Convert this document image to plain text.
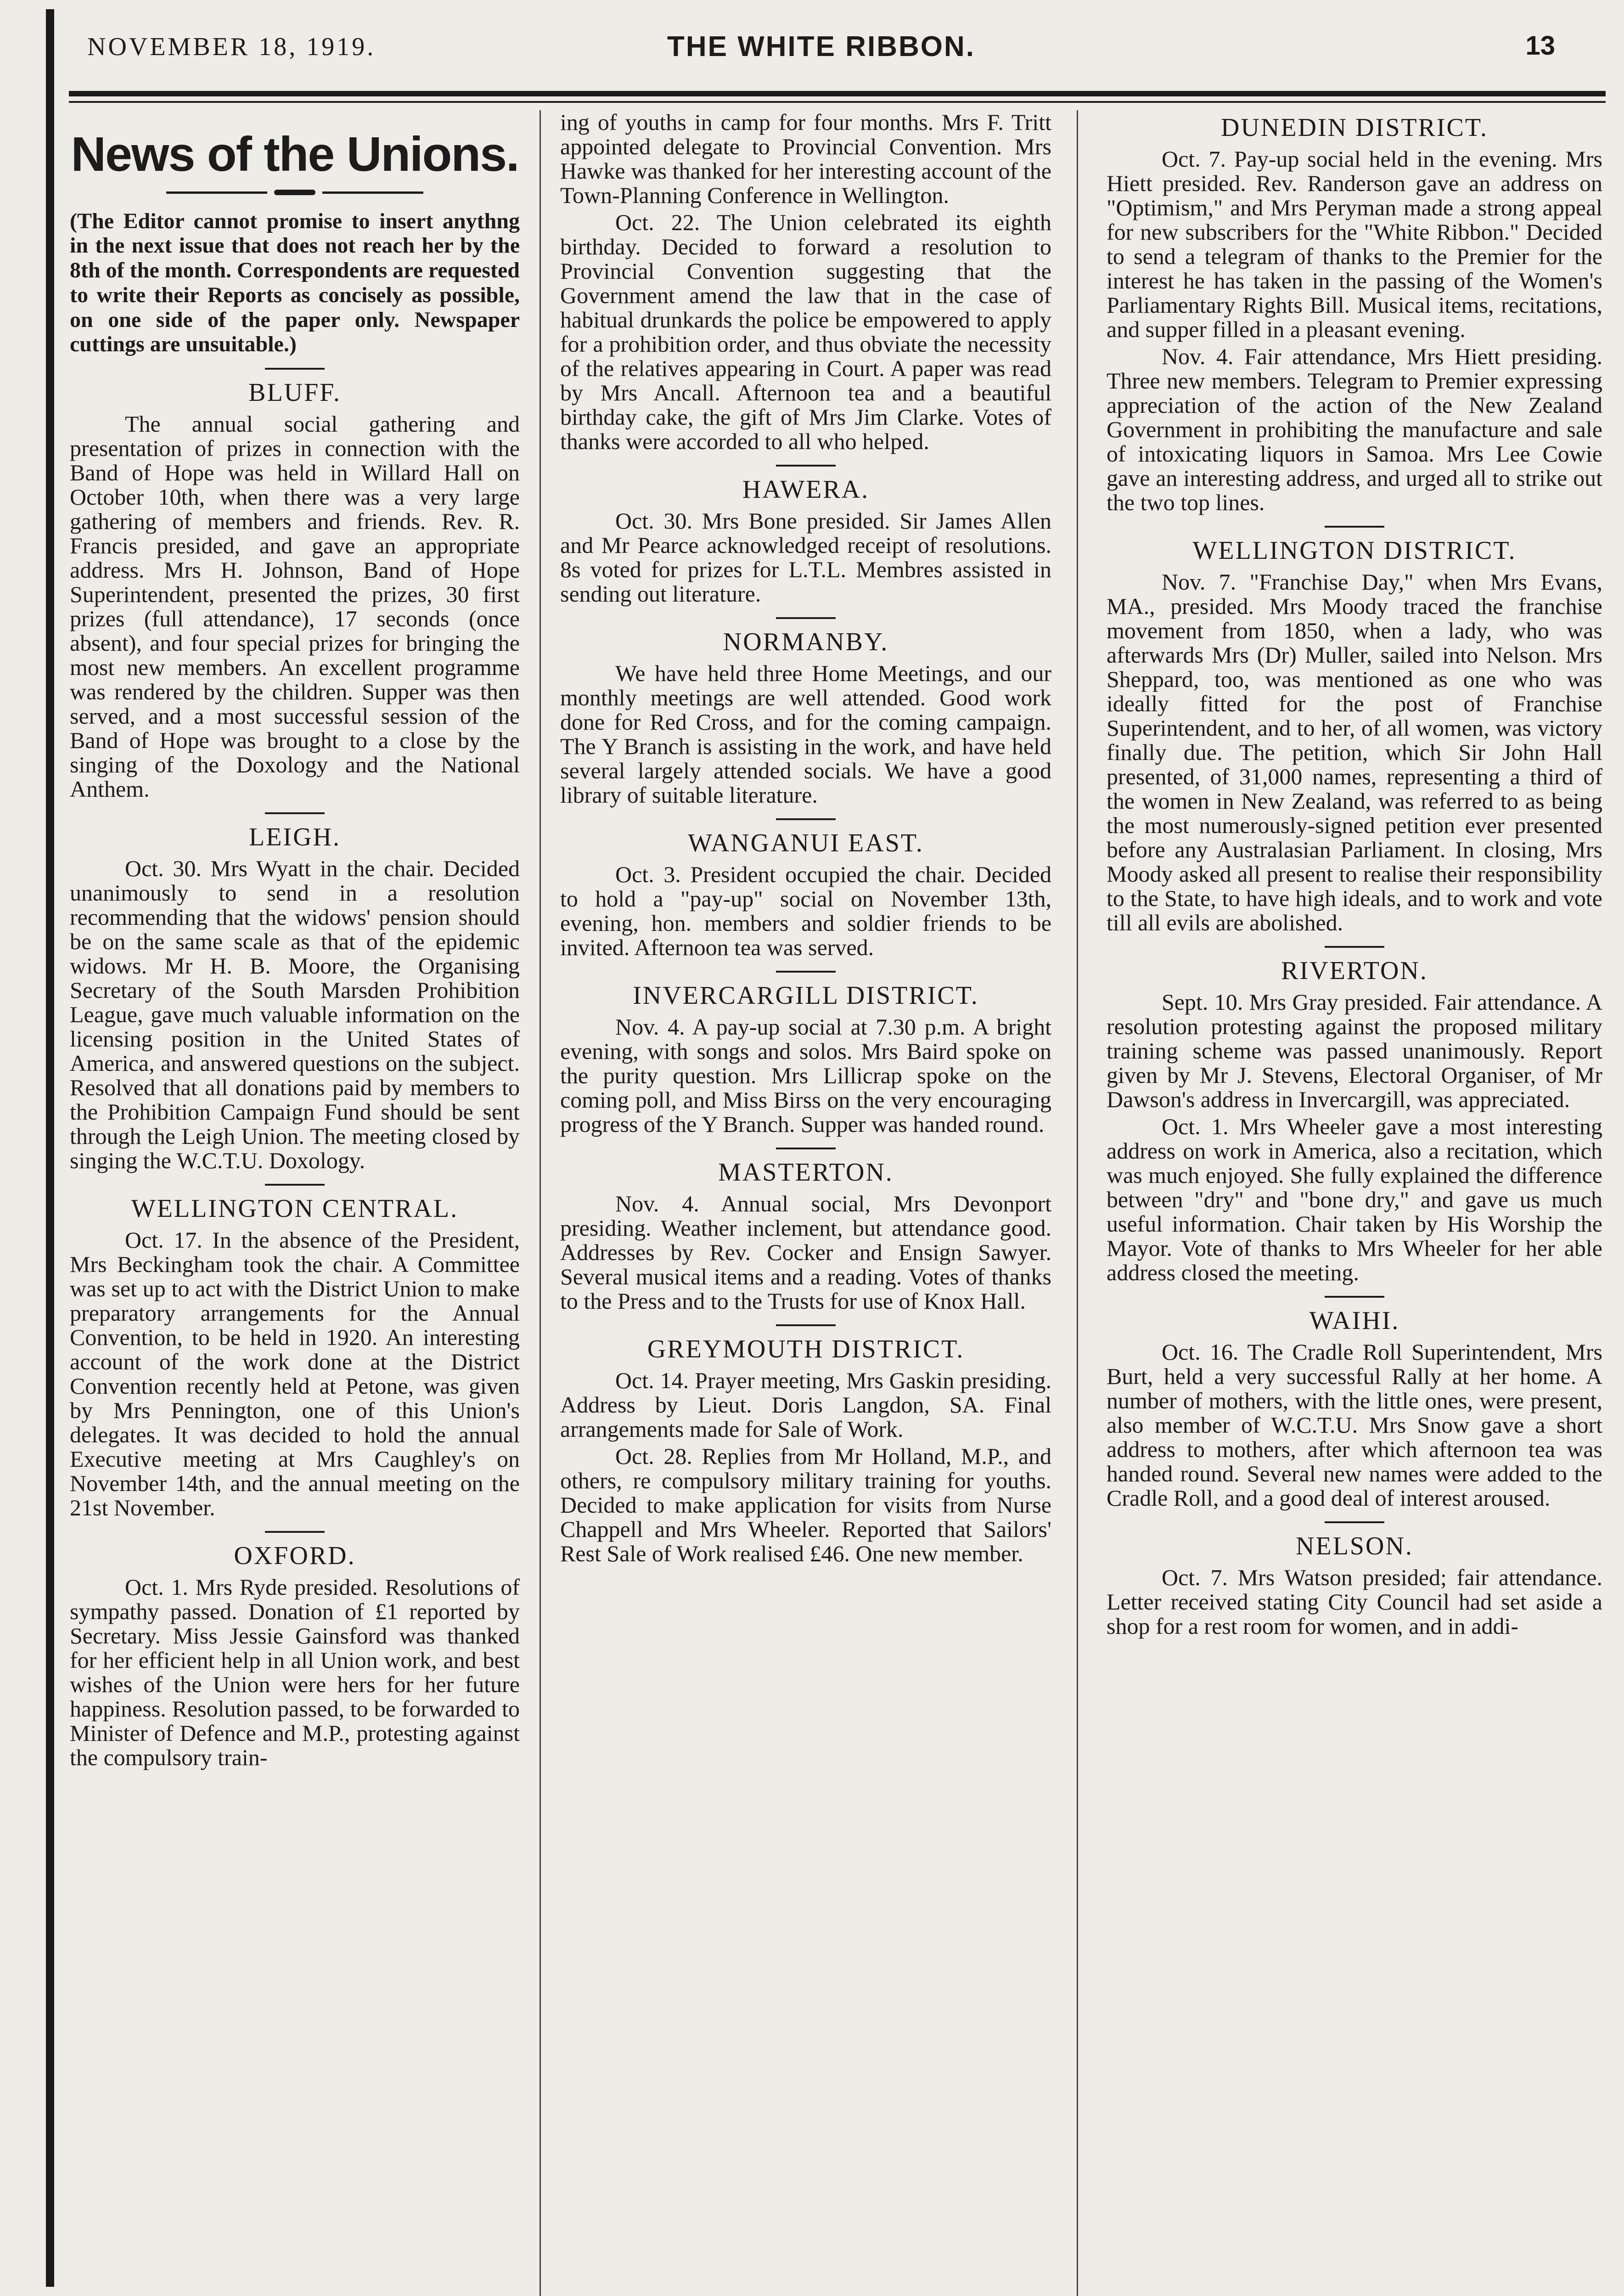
NOVEMBER 18, 1919.	THE WHITE RIBBON.	13
News of the Unions.
(The Editor cannot promise to insert anythng in the next issue that does not reach her by the 8th of the month. Correspondents are requested to write their Reports as concisely as possible, on one side of the paper only. Newspaper cuttings are unsuitable.)
BLUFF.

The annual social gathering and presentation of prizes in connection with the Band of Hope was held in Willard Hall on October 10th, when there was a very large gathering of members and friends. Rev. R. Francis presided, and gave an appropriate address. Mrs H. Johnson, Band of Hope Superintendent, presented the prizes, 30 first prizes (full attendance), 17 seconds (once absent), and four special prizes for bringing the most new members. An excellent programme was rendered by the children. Supper was then served, and a most successful session of the Band of Hope was brought to a close by the singing of the Doxology and the National Anthem.

LEIGH.

Oct. 30. Mrs Wyatt in the chair. Decided unanimously to send in a resolution recommending that the widows' pension should be on the same scale as that of the epidemic widows. Mr H. B. Moore, the Organising Secretary of the South Marsden Prohibition League, gave much valuable information on the licensing position in the United States of America, and answered questions on the subject. Resolved that all donations paid by members to the Prohibition Campaign Fund should be sent through the Leigh Union. The meeting closed by singing the W.C.T.U. Doxology.

WELLINGTON CENTRAL.

Oct. 17. In the absence of the President, Mrs Beckingham took the chair. A Committee was set up to act with the District Union to make preparatory arrangements for the Annual Convention, to be held in 1920. An interesting account of the work done at the District Convention recently held at Petone, was given by Mrs Pennington, one of this Union's delegates. It was decided to hold the annual Executive meeting at Mrs Caughley's on November 14th, and the annual meeting on the 21st November.

OXFORD.

Oct. 1. Mrs Ryde presided. Resolutions of sympathy passed. Donation of £1 reported by Secretary. Miss Jessie Gainsford was thanked for her efficient help in all Union work, and best wishes of the Union were hers for her future happiness. Resolution passed, to be forwarded to Minister of Defence and M.P., protesting against the compulsory train-

ing of youths in camp for four months. Mrs F. Tritt appointed delegate to Provincial Convention. Mrs Hawke was thanked for her interesting account of the Town-Planning Conference in Wellington.

Oct. 22. The Union celebrated its eighth birthday. Decided to forward a resolution to Provincial Convention suggesting that the Government amend the law that in the case of habitual drunkards the police be empowered to apply for a prohibition order, and thus obviate the necessity of the relatives appearing in Court. A paper was read by Mrs Ancall. Afternoon tea and a beautiful birthday cake, the gift of Mrs Jim Clarke. Votes of thanks were accorded to all who helped.

HAWERA.

Oct. 30. Mrs Bone presided. Sir James Allen and Mr Pearce acknowledged receipt of resolutions. 8s voted for prizes for L.T.L. Membres assisted in sending out literature.

NORMANBY.

We have held three Home Meetings, and our monthly meetings are well attended. Good work done for Red Cross, and for the coming campaign. The Y Branch is assisting in the work, and have held several largely attended socials. We have a good library of suitable literature.

WANGANUI EAST.

Oct. 3. President occupied the chair. Decided to hold a "pay-up" social on November 13th, evening, hon. members and soldier friends to be invited. Afternoon tea was served.

INVERCARGILL DISTRICT.

Nov. 4. A pay-up social at 7.30 p.m. A bright evening, with songs and solos. Mrs Baird spoke on the purity question. Mrs Lillicrap spoke on the coming poll, and Miss Birss on the very encouraging progress of the Y Branch. Supper was handed round.

MASTERTON.

Nov. 4. Annual social, Mrs Devonport presiding. Weather inclement, but attendance good. Addresses by Rev. Cocker and Ensign Sawyer. Several musical items and a reading. Votes of thanks to the Press and to the Trusts for use of Knox Hall.

GREYMOUTH DISTRICT.

Oct. 14. Prayer meeting, Mrs Gaskin presiding. Address by Lieut. Doris Langdon, SA. Final arrangements made for Sale of Work.

Oct. 28. Replies from Mr Holland, M.P., and others, re compulsory military training for youths. Decided to make application for visits from Nurse Chappell and Mrs Wheeler. Reported that Sailors' Rest Sale of Work realised £46. One new member.

DUNEDIN DISTRICT.

Oct. 7. Pay-up social held in the evening. Mrs Hiett presided. Rev. Randerson gave an address on "Optimism," and Mrs Peryman made a strong appeal for new subscribers for the "White Ribbon." Decided to send a telegram of thanks to the Premier for the interest he has taken in the passing of the Women's Parliamentary Rights Bill. Musical items, recitations, and supper filled in a pleasant evening.

Nov. 4. Fair attendance, Mrs Hiett presiding. Three new members. Telegram to Premier expressing appreciation of the action of the New Zealand Government in prohibiting the manufacture and sale of intoxicating liquors in Samoa. Mrs Lee Cowie gave an interesting address, and urged all to strike out the two top lines.

WELLINGTON DISTRICT.

Nov. 7. "Franchise Day," when Mrs Evans, MA., presided. Mrs Moody traced the franchise movement from 1850, when a lady, who was afterwards Mrs (Dr) Muller, sailed into Nelson. Mrs Sheppard, too, was mentioned as one who was ideally fitted for the post of Franchise Superintendent, and to her, of all women, was victory finally due. The petition, which Sir John Hall presented, of 31,000 names, representing a third of the women in New Zealand, was referred to as being the most numerously-signed petition ever presented before any Australasian Parliament. In closing, Mrs Moody asked all present to realise their responsibility to the State, to have high ideals, and to work and vote till all evils are abolished.

RIVERTON.

Sept. 10. Mrs Gray presided. Fair attendance. A resolution protesting against the proposed military training scheme was passed unanimously. Report given by Mr J. Stevens, Electoral Organiser, of Mr Dawson's address in Invercargill, was appreciated.

Oct. 1. Mrs Wheeler gave a most interesting address on work in America, also a recitation, which was much enjoyed. She fully explained the difference between "dry" and "bone dry," and gave us much useful information. Chair taken by His Worship the Mayor. Vote of thanks to Mrs Wheeler for her able address closed the meeting.

WAIHI.

Oct. 16. The Cradle Roll Superintendent, Mrs Burt, held a very successful Rally at her home. A number of mothers, with the little ones, were present, also member of W.C.T.U. Mrs Snow gave a short address to mothers, after which afternoon tea was handed round. Several new names were added to the Cradle Roll, and a good deal of interest aroused.

NELSON.

Oct. 7. Mrs Watson presided; fair attendance. Letter received stating City Council had set aside a shop for a rest room for women, and in addi-
